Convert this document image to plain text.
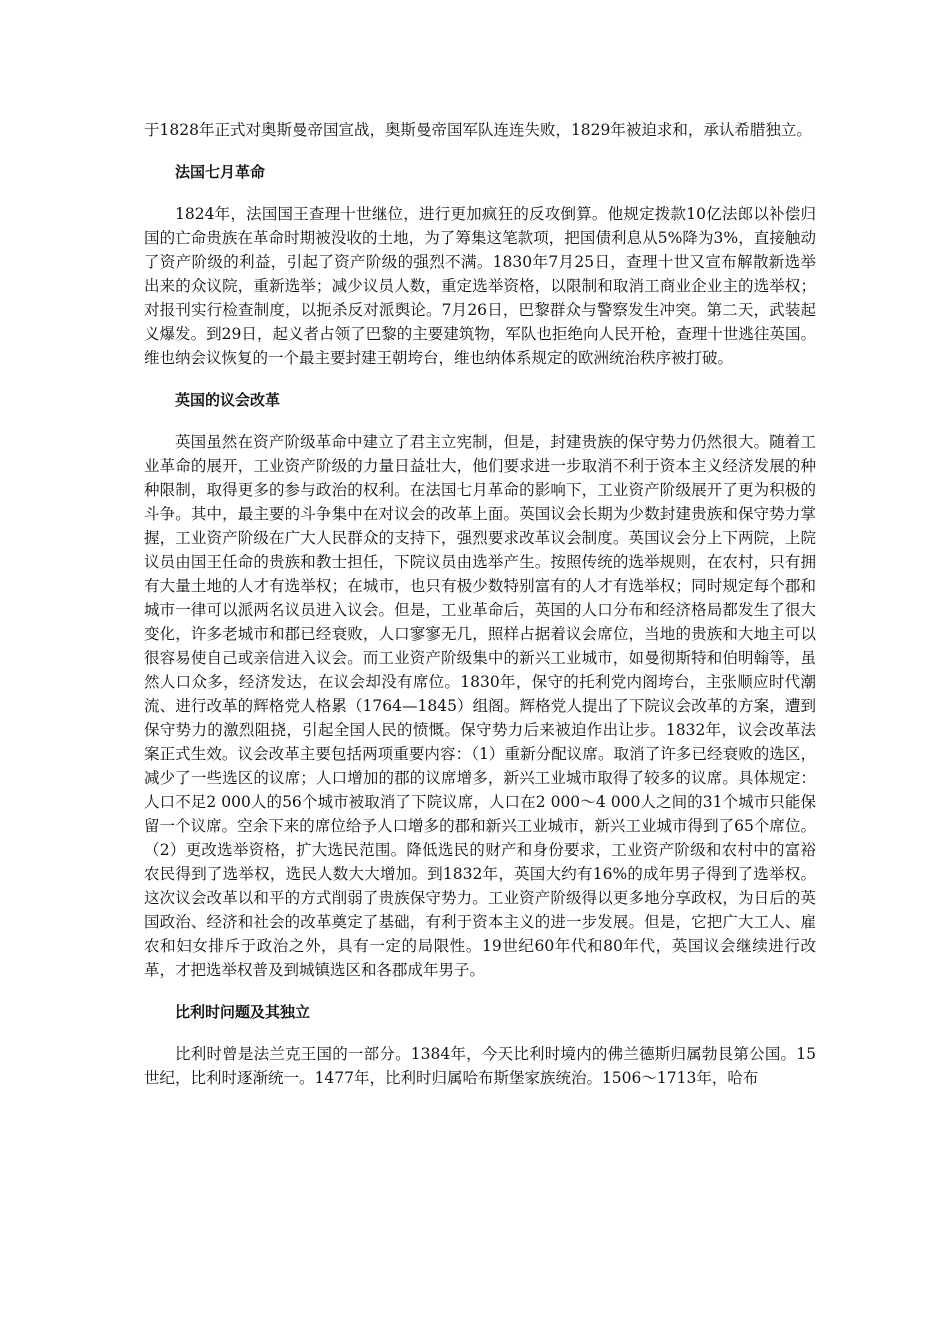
于1828年正式对奥斯曼帝国宣战，奥斯曼帝国军队连连失败，1829年被迫求和，承认希腊独立。

法国七月革命

1824年，法国国王查理十世继位，进行更加疯狂的反攻倒算。他规定拨款10亿法郎以补偿归国的亡命贵族在革命时期被没收的土地，为了筹集这笔款项，把国债利息从5%降为3%，直接触动了资产阶级的利益，引起了资产阶级的强烈不满。1830年7月25日，查理十世又宣布解散新选举出来的众议院，重新选举；减少议员人数，重定选举资格，以限制和取消工商业企业主的选举权；对报刊实行检查制度，以扼杀反对派舆论。7月26日，巴黎群众与警察发生冲突。第二天，武装起义爆发。到29日，起义者占领了巴黎的主要建筑物，军队也拒绝向人民开枪，查理十世逃往英国。维也纳会议恢复的一个最主要封建王朝垮台，维也纳体系规定的欧洲统治秩序被打破。

英国的议会改革

英国虽然在资产阶级革命中建立了君主立宪制，但是，封建贵族的保守势力仍然很大。随着工业革命的展开，工业资产阶级的力量日益壮大，他们要求进一步取消不利于资本主义经济发展的种种限制，取得更多的参与政治的权利。在法国七月革命的影响下，工业资产阶级展开了更为积极的斗争。其中，最主要的斗争集中在对议会的改革上面。英国议会长期为少数封建贵族和保守势力掌握，工业资产阶级在广大人民群众的支持下，强烈要求改革议会制度。英国议会分上下两院，上院议员由国王任命的贵族和教士担任，下院议员由选举产生。按照传统的选举规则，在农村，只有拥有大量土地的人才有选举权；在城市，也只有极少数特别富有的人才有选举权；同时规定每个郡和城市一律可以派两名议员进入议会。但是，工业革命后，英国的人口分布和经济格局都发生了很大变化，许多老城市和郡已经衰败，人口寥寥无几，照样占据着议会席位，当地的贵族和大地主可以很容易使自己或亲信进入议会。而工业资产阶级集中的新兴工业城市，如曼彻斯特和伯明翰等，虽然人口众多，经济发达，在议会却没有席位。1830年，保守的托利党内阁垮台，主张顺应时代潮流、进行改革的辉格党人格累（1764—1845）组阁。辉格党人提出了下院议会改革的方案，遭到保守势力的激烈阻挠，引起全国人民的愤慨。保守势力后来被迫作出让步。1832年，议会改革法案正式生效。议会改革主要包括两项重要内容：（1）重新分配议席。取消了许多已经衰败的选区，减少了一些选区的议席；人口增加的郡的议席增多，新兴工业城市取得了较多的议席。具体规定：人口不足2 000人的56个城市被取消了下院议席，人口在2 000～4 000人之间的31个城市只能保留一个议席。空余下来的席位给予人口增多的郡和新兴工业城市，新兴工业城市得到了65个席位。（2）更改选举资格，扩大选民范围。降低选民的财产和身份要求，工业资产阶级和农村中的富裕农民得到了选举权，选民人数大大增加。到1832年，英国大约有16%的成年男子得到了选举权。这次议会改革以和平的方式削弱了贵族保守势力。工业资产阶级得以更多地分享政权，为日后的英国政治、经济和社会的改革奠定了基础，有利于资本主义的进一步发展。但是，它把广大工人、雇农和妇女排斥于政治之外，具有一定的局限性。19世纪60年代和80年代，英国议会继续进行改革，才把选举权普及到城镇选区和各郡成年男子。

比利时问题及其独立

比利时曾是法兰克王国的一部分。1384年，今天比利时境内的佛兰德斯归属勃艮第公国。15世纪，比利时逐渐统一。1477年，比利时归属哈布斯堡家族统治。1506～1713年，哈布
